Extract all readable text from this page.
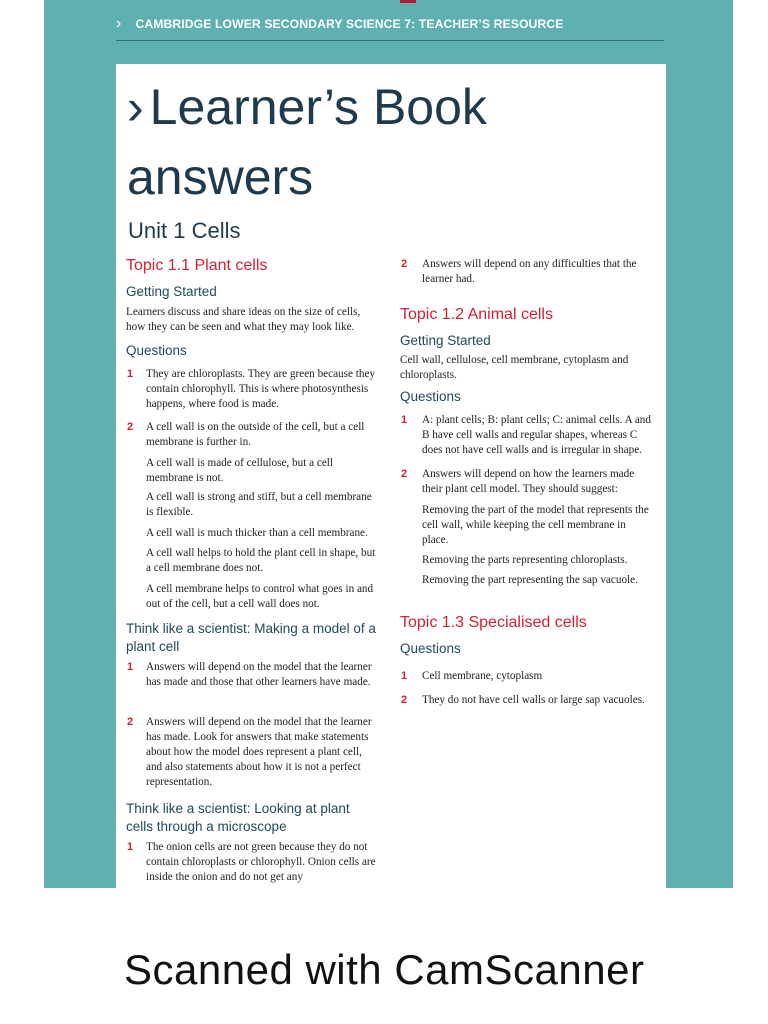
› CAMBRIDGE LOWER SECONDARY SCIENCE 7: TEACHER’S RESOURCE
› Learner’s Book
answers
Unit 1 Cells
Topic 1.1 Plant cells
Getting Started
Learners discuss and share ideas on the size of cells, how they can be seen and what they may look like.
Questions
1 They are chloroplasts. They are green because they contain chlorophyll. This is where photosynthesis happens, where food is made.
2 A cell wall is on the outside of the cell, but a cell membrane is further in.
A cell wall is made of cellulose, but a cell membrane is not.
A cell wall is strong and stiff, but a cell membrane is flexible.
A cell wall is much thicker than a cell membrane.
A cell wall helps to hold the plant cell in shape, but a cell membrane does not.
A cell membrane helps to control what goes in and out of the cell, but a cell wall does not.
Think like a scientist: Making a model of a plant cell
1 Answers will depend on the model that the learner has made and those that other learners have made.
2 Answers will depend on the model that the learner has made. Look for answers that make statements about how the model does represent a plant cell, and also statements about how it is not a perfect representation.
Think like a scientist: Looking at plant cells through a microscope
1 The onion cells are not green because they do not contain chloroplasts or chlorophyll. Onion cells are inside the onion and do not get any
2 Answers will depend on any difficulties that the learner had.
Topic 1.2 Animal cells
Getting Started
Cell wall, cellulose, cell membrane, cytoplasm and chloroplasts.
Questions
1 A: plant cells; B: plant cells; C: animal cells. A and B have cell walls and regular shapes, whereas C does not have cell walls and is irregular in shape.
2 Answers will depend on how the learners made their plant cell model. They should suggest:
Removing the part of the model that represents the cell wall, while keeping the cell membrane in place.
Removing the parts representing chloroplasts.
Removing the part representing the sap vacuole.
Topic 1.3 Specialised cells
Questions
1 Cell membrane, cytoplasm
2 They do not have cell walls or large sap vacuoles.
Scanned with CamScanner
